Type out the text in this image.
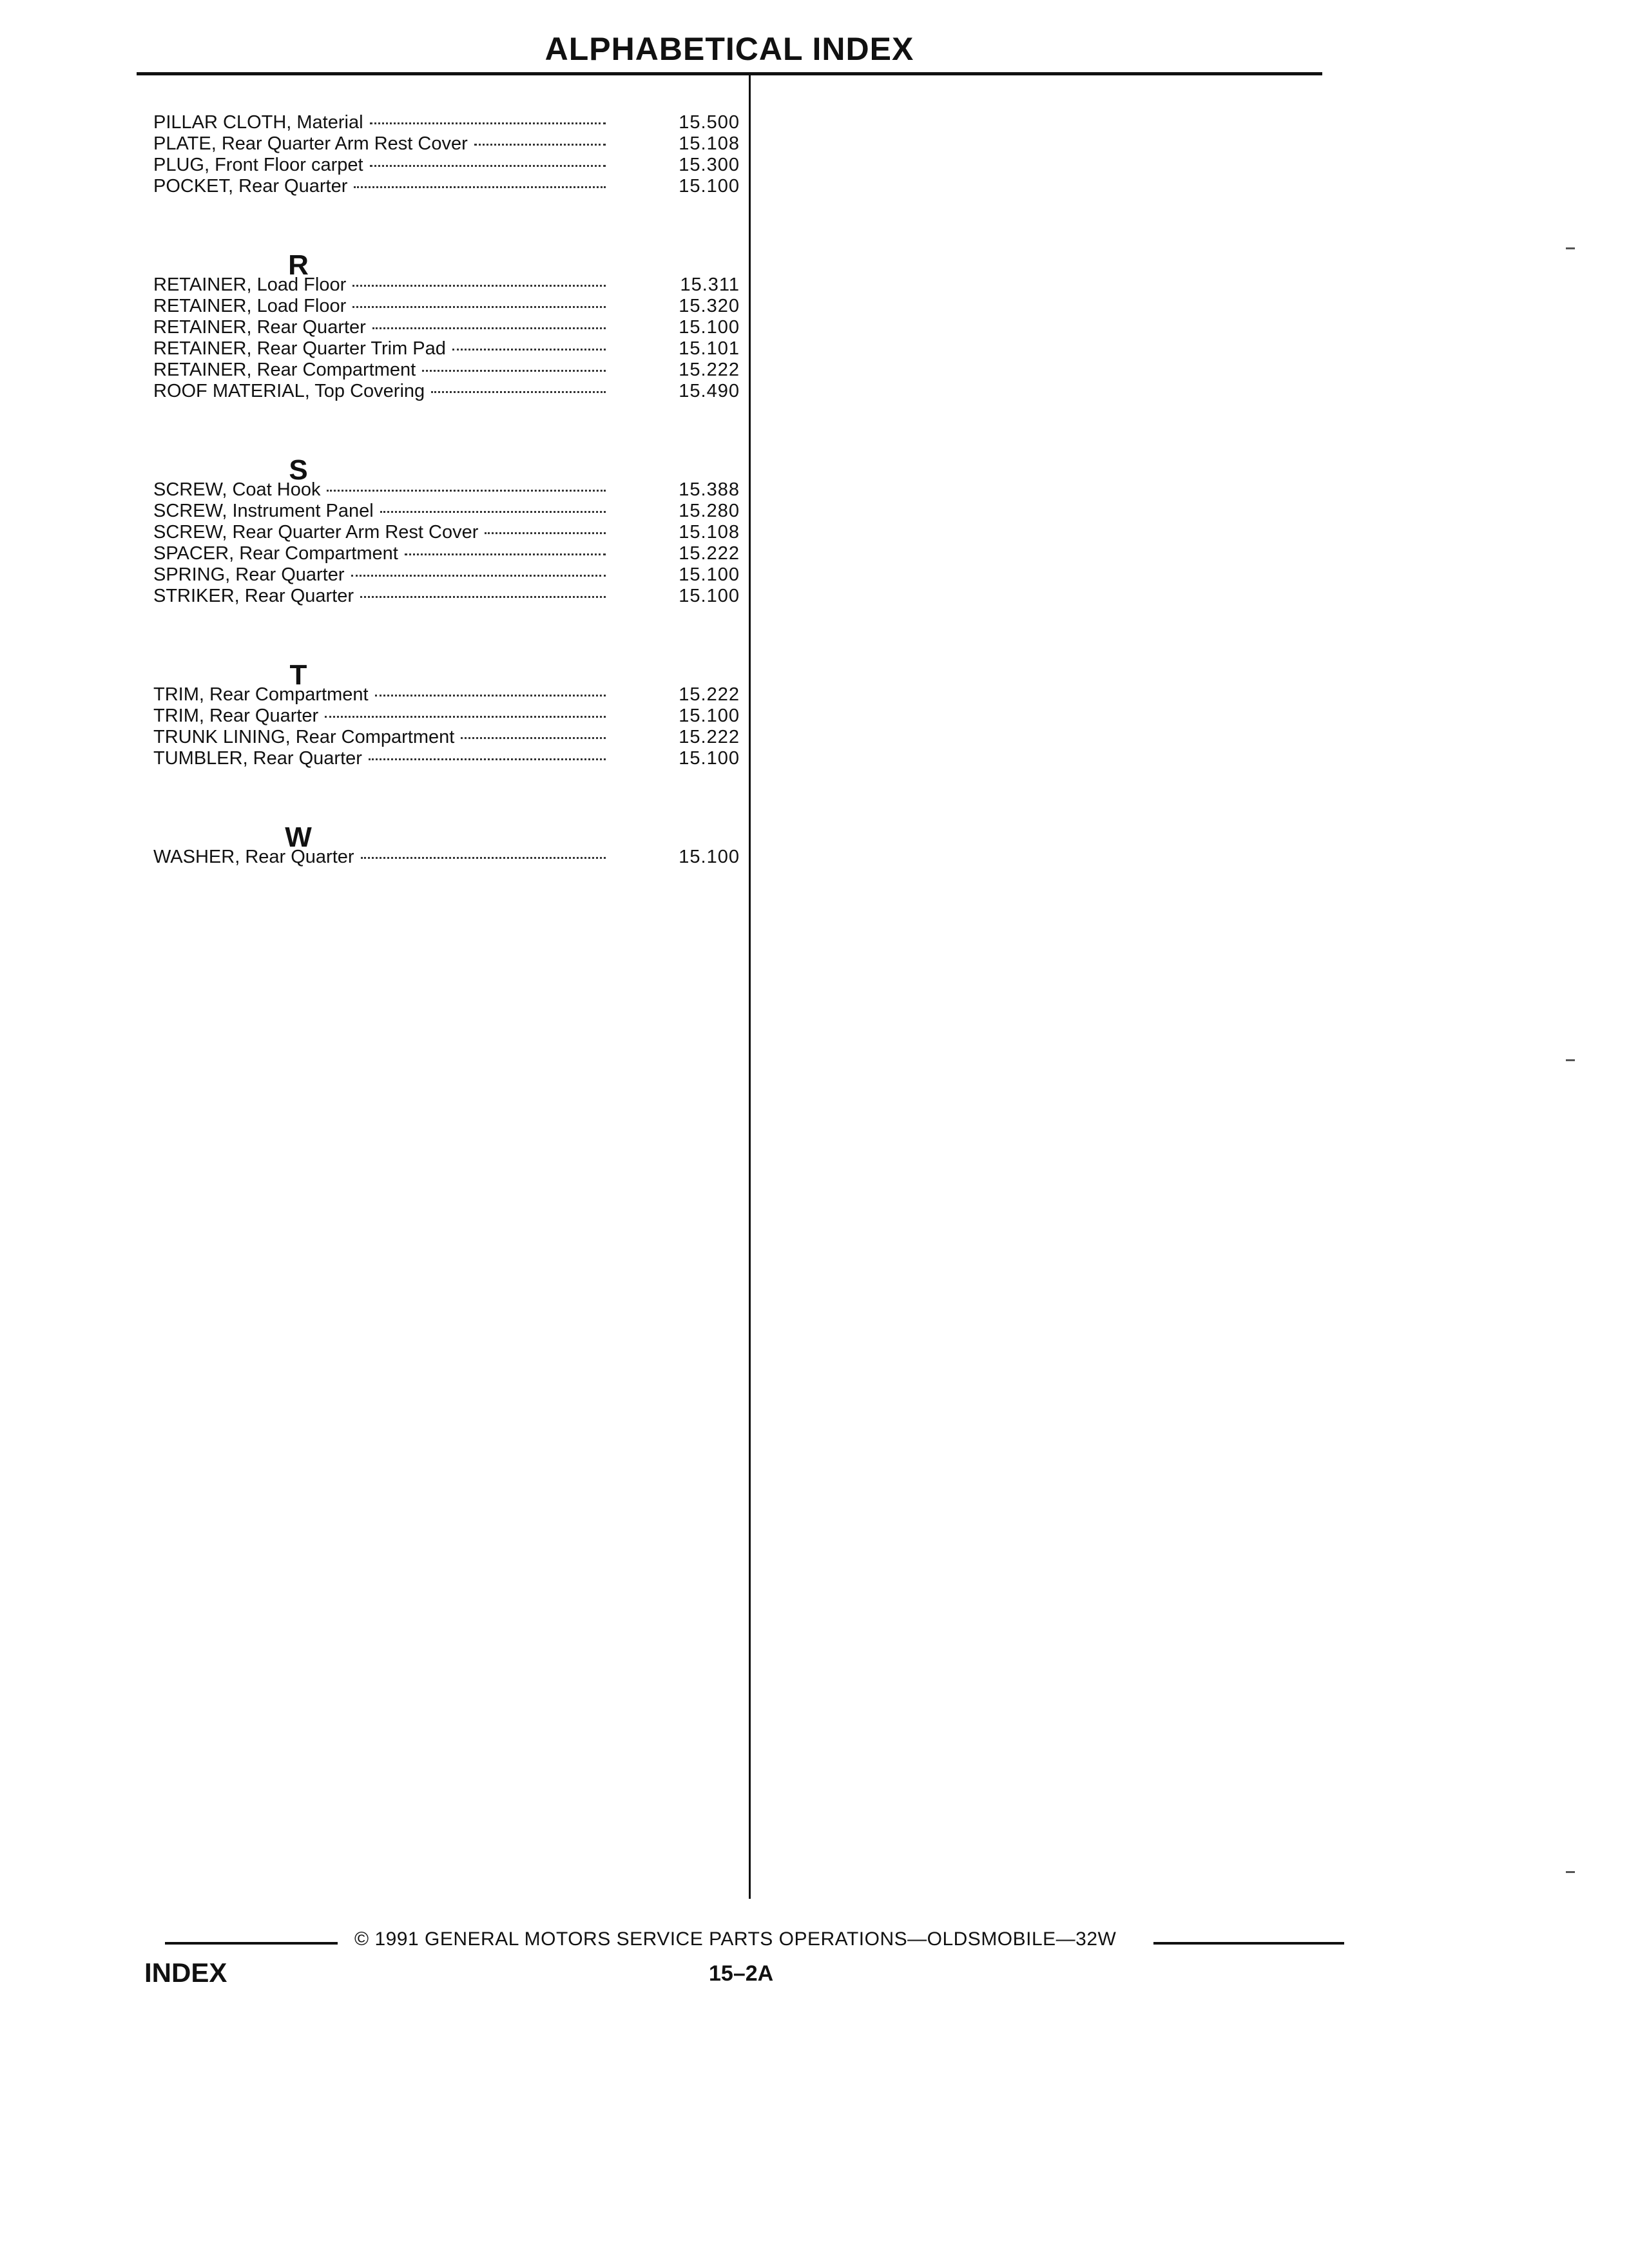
ALPHABETICAL INDEX
PILLAR CLOTH, Material	15.500
PLATE, Rear Quarter Arm Rest Cover	15.108
PLUG, Front Floor carpet	15.300
POCKET, Rear Quarter	15.100
R
RETAINER, Load Floor	15.311
RETAINER, Load Floor	15.320
RETAINER, Rear Quarter	15.100
RETAINER, Rear Quarter Trim Pad	15.101
RETAINER, Rear Compartment	15.222
ROOF MATERIAL, Top Covering	15.490
S
SCREW, Coat Hook	15.388
SCREW, Instrument Panel	15.280
SCREW, Rear Quarter Arm Rest Cover	15.108
SPACER, Rear Compartment	15.222
SPRING, Rear Quarter	15.100
STRIKER, Rear Quarter	15.100
T
TRIM, Rear Compartment	15.222
TRIM, Rear Quarter	15.100
TRUNK LINING, Rear Compartment	15.222
TUMBLER, Rear Quarter	15.100
W
WASHER, Rear Quarter	15.100
© 1991 GENERAL MOTORS SERVICE PARTS OPERATIONS—OLDSMOBILE—32W
INDEX	15–2A
